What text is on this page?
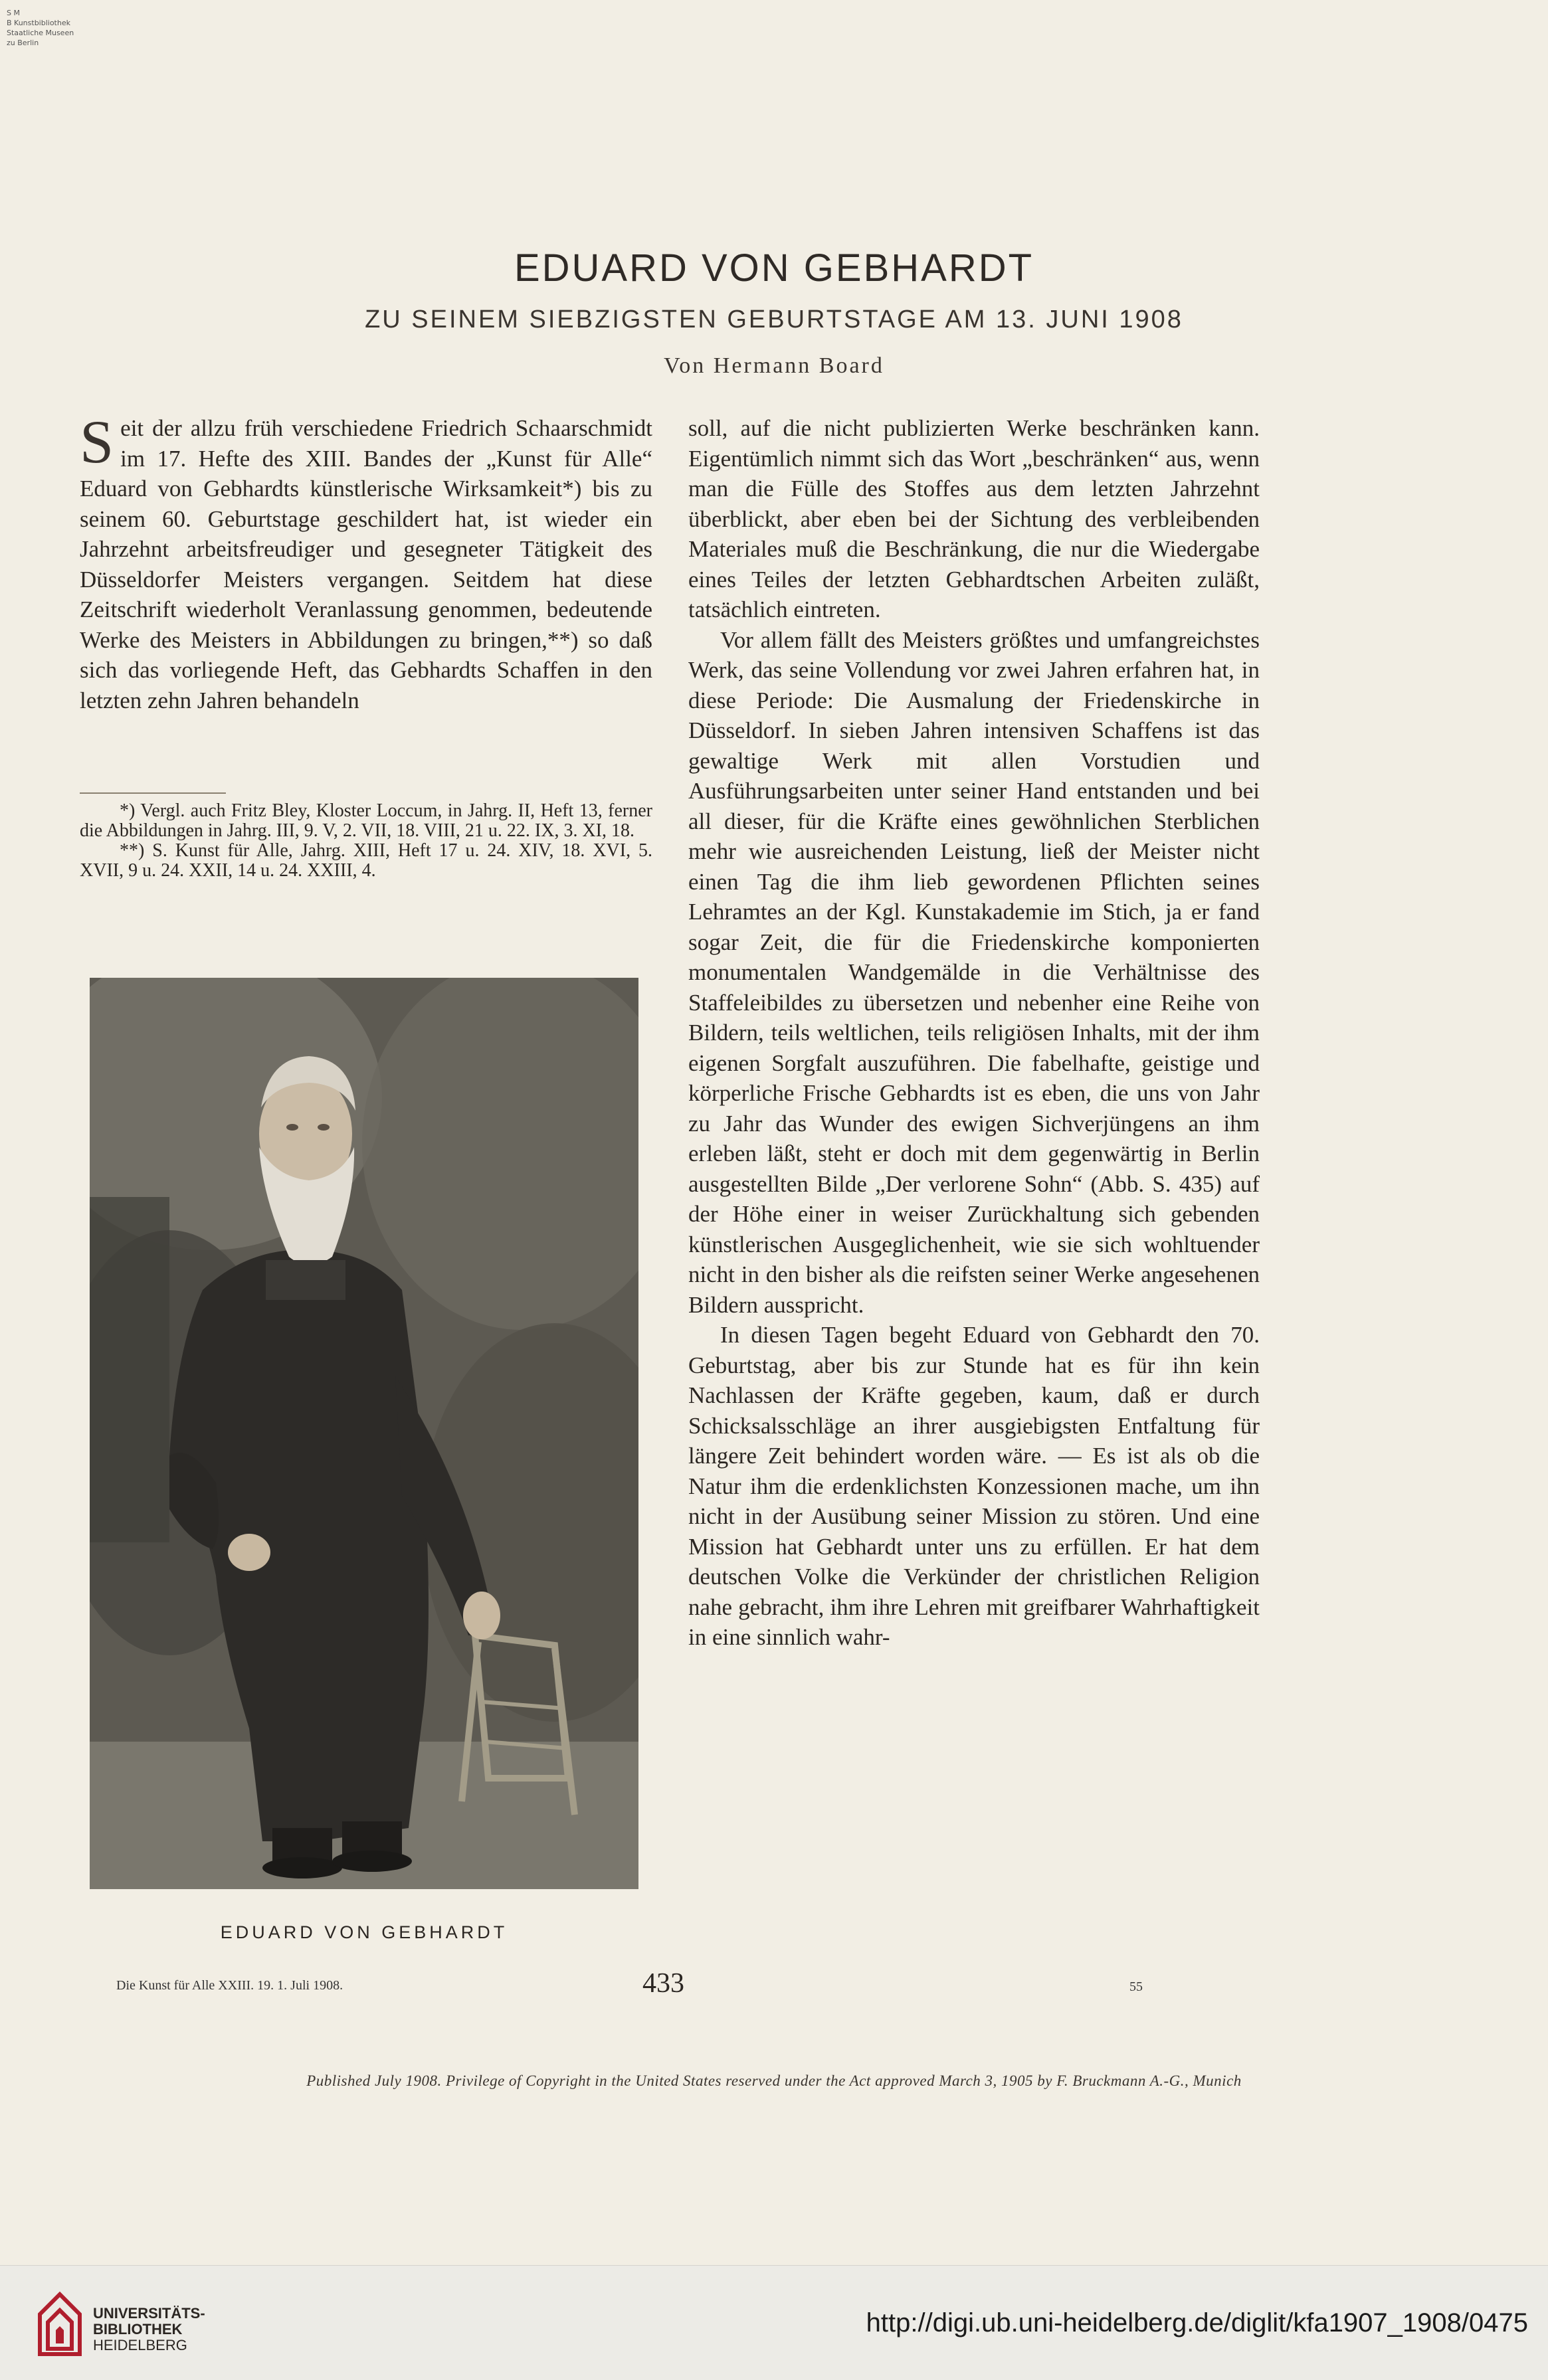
S M
B Kunstbibliothek
Staatliche Museen
zu Berlin
EDUARD VON GEBHARDT
ZU SEINEM SIEBZIGSTEN GEBURTSTAGE AM 13. JUNI 1908
Von Hermann Board

Seit der allzu früh verschiedene Friedrich Schaarschmidt im 17. Hefte des XIII. Bandes der „Kunst für Alle“ Eduard von Gebhardts künstlerische Wirksamkeit*) bis zu seinem 60. Geburtstage geschildert hat, ist wieder ein Jahrzehnt arbeitsfreudiger und gesegneter Tätigkeit des Düsseldorfer Meisters vergangen. Seitdem hat diese Zeitschrift wiederholt Veranlassung genommen, bedeutende Werke des Meisters in Abbildungen zu bringen,**) so daß sich das vorliegende Heft, das Gebhardts Schaffen in den letzten zehn Jahren behandeln

*) Vergl. auch Fritz Bley, Kloster Loccum, in Jahrg. II, Heft 13, ferner die Abbildungen in Jahrg. III, 9. V, 2. VII, 18. VIII, 21 u. 22. IX, 3. XI, 18.

**) S. Kunst für Alle, Jahrg. XIII, Heft 17 u. 24. XIV, 18. XVI, 5. XVII, 9 u. 24. XXII, 14 u. 24. XXIII, 4.

EDUARD VON GEBHARDT

soll, auf die nicht publizierten Werke beschränken kann. Eigentümlich nimmt sich das Wort „beschränken“ aus, wenn man die Fülle des Stoffes aus dem letzten Jahrzehnt überblickt, aber eben bei der Sichtung des verbleibenden Materiales muß die Beschränkung, die nur die Wiedergabe eines Teiles der letzten Gebhardtschen Arbeiten zuläßt, tatsächlich eintreten.

Vor allem fällt des Meisters größtes und umfangreichstes Werk, das seine Vollendung vor zwei Jahren erfahren hat, in diese Periode: Die Ausmalung der Friedenskirche in Düsseldorf. In sieben Jahren intensiven Schaffens ist das gewaltige Werk mit allen Vorstudien und Ausführungsarbeiten unter seiner Hand entstanden und bei all dieser, für die Kräfte eines gewöhnlichen Sterblichen mehr wie ausreichenden Leistung, ließ der Meister nicht einen Tag die ihm lieb gewordenen Pflichten seines Lehramtes an der Kgl. Kunstakademie im Stich, ja er fand sogar Zeit, die für die Friedenskirche komponierten monumentalen Wandgemälde in die Verhältnisse des Staffeleibildes zu übersetzen und nebenher eine Reihe von Bildern, teils weltlichen, teils religiösen Inhalts, mit der ihm eigenen Sorgfalt auszuführen. Die fabelhafte, geistige und körperliche Frische Gebhardts ist es eben, die uns von Jahr zu Jahr das Wunder des ewigen Sichverjüngens an ihm erleben läßt, steht er doch mit dem gegenwärtig in Berlin ausgestellten Bilde „Der verlorene Sohn“ (Abb. S. 435) auf der Höhe einer in weiser Zurückhaltung sich gebenden künstlerischen Ausgeglichenheit, wie sie sich wohltuender nicht in den bisher als die reifsten seiner Werke angesehenen Bildern ausspricht.

In diesen Tagen begeht Eduard von Gebhardt den 70. Geburtstag, aber bis zur Stunde hat es für ihn kein Nachlassen der Kräfte gegeben, kaum, daß er durch Schicksalsschläge an ihrer ausgiebigsten Entfaltung für längere Zeit behindert worden wäre. — Es ist als ob die Natur ihm die erdenklichsten Konzessionen mache, um ihn nicht in der Ausübung seiner Mission zu stören. Und eine Mission hat Gebhardt unter uns zu erfüllen. Er hat dem deutschen Volke die Verkünder der christlichen Religion nahe gebracht, ihm ihre Lehren mit greifbarer Wahrhaftigkeit in eine sinnlich wahr-

Die Kunst für Alle XXIII. 19. 1. Juli 1908.	433	55
Published July 1908. Privilege of Copyright in the United States reserved under the Act approved March 3, 1905 by F. Bruckmann A.-G., Munich
UNIVERSITÄTS-
BIBLIOTHEK
HEIDELBERG
http://digi.ub.uni-heidelberg.de/diglit/kfa1907_1908/0475
